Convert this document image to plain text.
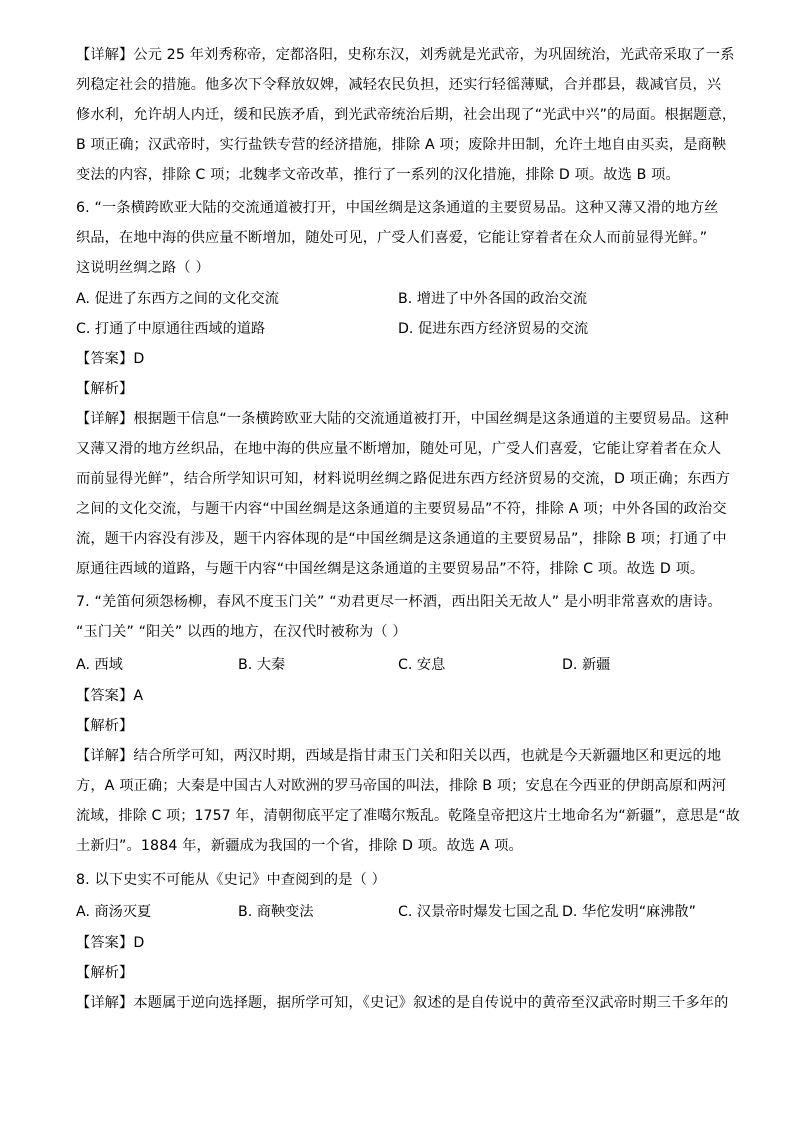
【详解】公元 25 年刘秀称帝，定都洛阳，史称东汉，刘秀就是光武帝，为巩固统治，光武帝采取了一系
列稳定社会的措施。他多次下令释放奴婢，减轻农民负担，还实行轻徭薄赋，合并郡县，裁减官员，兴
修水利，允许胡人内迁，缓和民族矛盾，到光武帝统治后期，社会出现了“光武中兴”的局面。根据题意，
B 项正确；汉武帝时，实行盐铁专营的经济措施，排除 A 项；废除井田制，允许土地自由买卖，是商鞅
变法的内容，排除 C 项；北魏孝文帝改革，推行了一系列的汉化措施，排除 D 项。故选 B 项。
6. “一条横跨欧亚大陆的交流通道被打开，中国丝绸是这条通道的主要贸易品。这种又薄又滑的地方丝
织品，在地中海的供应量不断增加，随处可见，广受人们喜爱，它能让穿着者在众人而前显得光鲜。”
这说明丝绸之路（ ）
A. 促进了东西方之间的文化交流	B. 增进了中外各国的政治交流
C. 打通了中原通往西域的道路	D. 促进东西方经济贸易的交流
【答案】D
【解析】
【详解】根据题干信息“一条横跨欧亚大陆的交流通道被打开，中国丝绸是这条通道的主要贸易品。这种
又薄又滑的地方丝织品，在地中海的供应量不断增加，随处可见，广受人们喜爱，它能让穿着者在众人
而前显得光鲜”，结合所学知识可知，材料说明丝绸之路促进东西方经济贸易的交流，D 项正确；东西方
之间的文化交流，与题干内容“中国丝绸是这条通道的主要贸易品”不符，排除 A 项；中外各国的政治交
流，题干内容没有涉及，题干内容体现的是“中国丝绸是这条通道的主要贸易品”，排除 B 项；打通了中
原通往西域的道路，与题干内容“中国丝绸是这条通道的主要贸易品”不符，排除 C 项。故选 D 项。
7. “羌笛何须怨杨柳，春风不度玉门关” “劝君更尽一杯酒，西出阳关无故人” 是小明非常喜欢的唐诗。
“玉门关” “阳关” 以西的地方，在汉代时被称为（ ）
A. 西域	B. 大秦	C. 安息	D. 新疆
【答案】A
【解析】
【详解】结合所学可知，两汉时期，西域是指甘肃玉门关和阳关以西，也就是今天新疆地区和更远的地
方，A 项正确；大秦是中国古人对欧洲的罗马帝国的叫法，排除 B 项；安息在今西亚的伊朗高原和两河
流域，排除 C 项；1757 年，清朝彻底平定了准噶尔叛乱。乾隆皇帝把这片土地命名为“新疆”，意思是“故
土新归”。1884 年，新疆成为我国的一个省，排除 D 项。故选 A 项。
8. 以下史实不可能从《史记》中查阅到的是（ ）
A. 商汤灭夏	B. 商鞅变法	C. 汉景帝时爆发七国之乱 D. 华佗发明“麻沸散”
【答案】D
【解析】
【详解】本题属于逆向选择题，据所学可知，《史记》叙述的是自传说中的黄帝至汉武帝时期三千多年的
